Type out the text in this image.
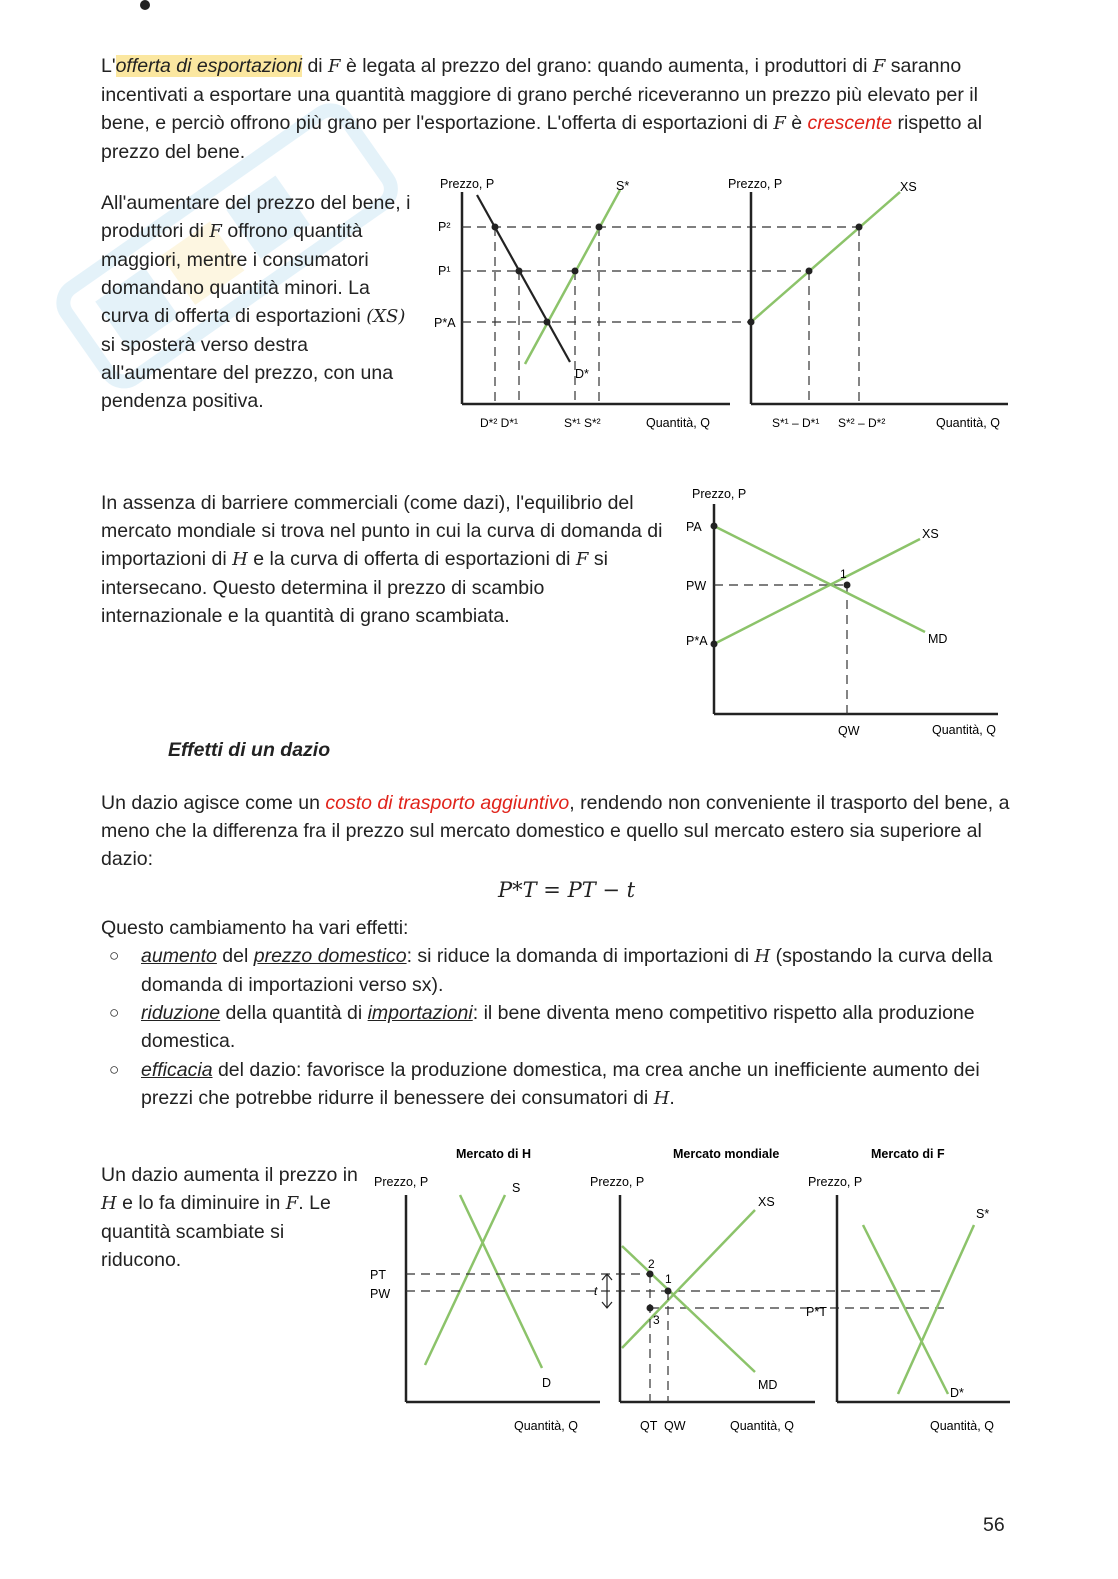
L'offerta di esportazioni di F è legata al prezzo del grano: quando aumenta, i produttori di F saranno incentivati a esportare una quantità maggiore di grano perché riceveranno un prezzo più elevato per il bene, e perciò offrono più grano per l'esportazione. L'offerta di esportazioni di F è crescente rispetto al prezzo del bene.

All'aumentare del prezzo del bene, i produttori di F offrono quantità maggiori, mentre i consumatori domandano quantità minori. La curva di offerta di esportazioni (XS) si sposterà verso destra all'aumentare del prezzo, con una pendenza positiva.

Prezzo, P
Quantità, Q
P²
P¹
P*A
S*
D*
D*² D*¹	S*¹ S*²
Prezzo, P
Quantità, Q
XS
S*¹ – D*¹ S*² – D*²

In assenza di barriere commerciali (come dazi), l'equilibrio del mercato mondiale si trova nel punto in cui la curva di domanda di importazioni di H e la curva di offerta di esportazioni di F si intersecano. Questo determina il prezzo di scambio internazionale e la quantità di grano scambiata.

Prezzo, P
Quantità, Q
PA
PW
P*A
XS
MD
1
QW
Effetti di un dazio

Un dazio agisce come un costo di trasporto aggiuntivo, rendendo non conveniente il trasporto del bene, a meno che la differenza fra il prezzo sul mercato domestico e quello sul mercato estero sia superiore al dazio:

P*T = PT − t
Questo cambiamento ha vari effetti:
○ aumento del prezzo domestico: si riduce la domanda di importazioni di H (spostando la curva della domanda di importazioni verso sx).
○ riduzione della quantità di importazioni: il bene diventa meno competitivo rispetto alla produzione domestica.
○ efficacia del dazio: favorisce la produzione domestica, ma crea anche un inefficiente aumento dei prezzi che potrebbe ridurre il benessere dei consumatori di H.

Un dazio aumenta il prezzo in H e lo fa diminuire in F. Le quantità scambiate si riducono.

Mercato di H	Mercato mondiale	Mercato di F
Prezzo, P
Quantità, Q
S
D
PT
PW
Prezzo, P
Quantità, Q
XS
MD
t
1
2
3
QT QW
Prezzo, P
Quantità, Q
S*
D*
P*T
56
